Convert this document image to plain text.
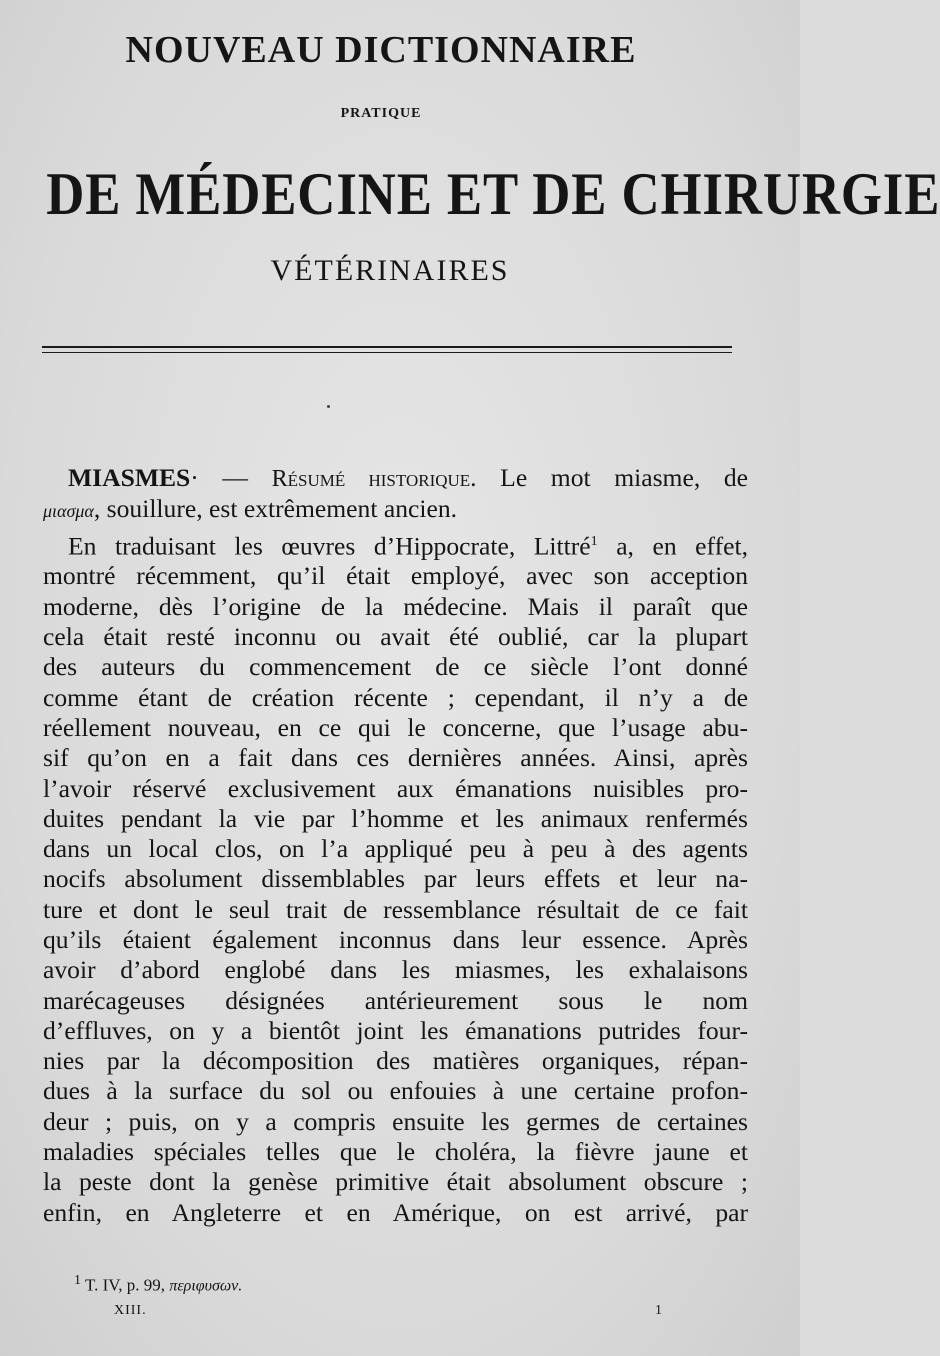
NOUVEAU DICTIONNAIRE
PRATIQUE
DE MÉDECINE ET DE CHIRURGIE
VÉTÉRINAIRES
MIASMES· — Résumé historique. Le mot miasme, de
μιασμα, souillure, est extrêmement ancien.
En traduisant les œuvres d’Hippocrate, Littré$^1$ a, en effet,
montré récemment, qu’il était employé, avec son acception
moderne, dès l’origine de la médecine. Mais il paraît que
cela était resté inconnu ou avait été oublié, car la plupart
des auteurs du commencement de ce siècle l’ont donné
comme étant de création récente ; cependant, il n’y a de
réellement nouveau, en ce qui le concerne, que l’usage abu-
sif qu’on en a fait dans ces dernières années. Ainsi, après
l’avoir réservé exclusivement aux émanations nuisibles pro-
duites pendant la vie par l’homme et les animaux renfermés
dans un local clos, on l’a appliqué peu à peu à des agents
nocifs absolument dissemblables par leurs effets et leur na-
ture et dont le seul trait de ressemblance résultait de ce fait
qu’ils étaient également inconnus dans leur essence. Après
avoir d’abord englobé dans les miasmes, les exhalaisons
marécageuses désignées antérieurement sous le nom
d’effluves, on y a bientôt joint les émanations putrides four-
nies par la décomposition des matières organiques, répan-
dues à la surface du sol ou enfouies à une certaine profon-
deur ; puis, on y a compris ensuite les germes de certaines
maladies spéciales telles que le choléra, la fièvre jaune et
la peste dont la genèse primitive était absolument obscure ;
enfin, en Angleterre et en Amérique, on est arrivé, par
$^1$ T. IV, p. 99, περιφυσων.
XIII.	1
